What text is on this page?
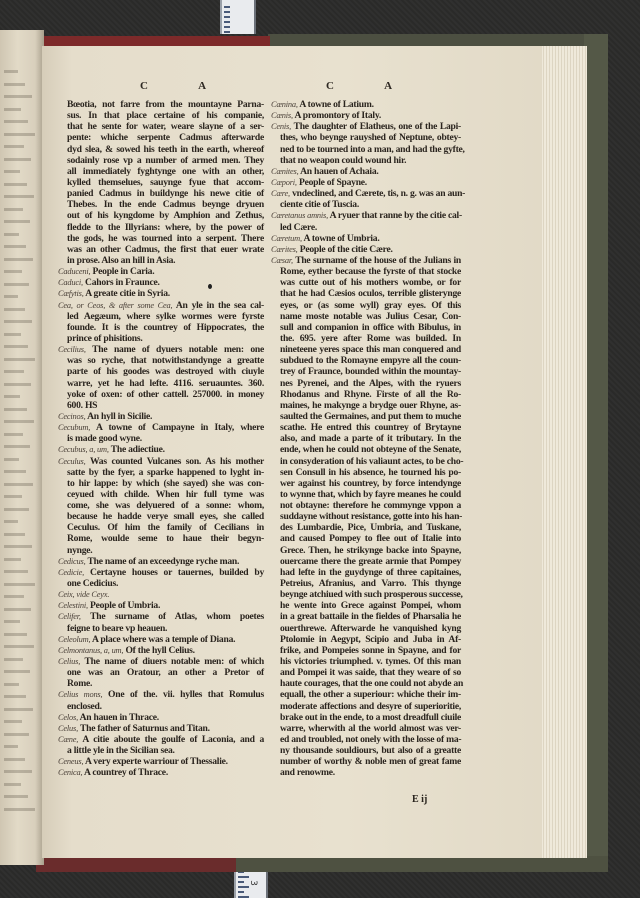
3
C A	C A
Bœotia, not farre from the mountayne Parna-
sus. In that place certaine of his companie,
that he sente for water, weare slayne of a ser-
pente: whiche serpente Cadmus afterwarde
dyd slea, & sowed his teeth in the earth, whereof
sodainly rose vp a number of armed men. They
all immediately fyghtynge one with an other,
kylled themselues, sauynge fyue that accom-
panied Cadmus in buildynge his newe citie of
Thebes. In the ende Cadmus beynge dryuen
out of his kyngdome by Amphion and Zethus,
fledde to the Illyrians: where, by the power of
the gods, he was tourned into a serpent. There
was an other Cadmus, the first that euer wrate
in prose. Also an hill in Asia.
Caduceni, People in Caria.
Caduci, Cahors in Fraunce.
Cæfytis, A greate citie in Syria.
Cea, or Ceos, & after some Cea, An yle in the sea cal-
led Aegæum, where sylke wormes were fyrste
founde. It is the countrey of Hippocrates, the
prince of phisitions.
Cecilius, The name of dyuers notable men: one
was so ryche, that notwithstandynge a greatte
parte of his goodes was destroyed with ciuyle
warre, yet he had lefte. 4116. seruauntes. 360.
yoke of oxen: of other cattell. 257000. in money
600. HS
Cecinos, An hyll in Sicilie.
Cecubum, A towne of Campayne in Italy, where
is made good wyne.
Cecubus, a, um, The adiectiue.
Ceculus, Was counted Vulcanes son. As his mother
satte by the fyer, a sparke happened to lyght in-
to hir lappe: by which (she sayed) she was con-
ceyued with childe. When hir full tyme was
come, she was delyuered of a sonne: whom,
because he hadde verye small eyes, she called
Ceculus. Of him the family of Cecilians in
Rome, woulde seme to haue their begyn-
nynge.
Cedicus, The name of an exceedynge ryche man.
Cedicie, Certayne houses or tauernes, builded by
one Cedicius.
Ceix, vide Ceyx.
Celestini, People of Umbria.
Celifer, The surname of Atlas, whom poetes
feigne to beare vp heauen.
Celeolum, A place where was a temple of Diana.
Celmontanus, a, um, Of the hyll Celius.
Celius, The name of diuers notable men: of which
one was an Oratour, an other a Pretor of
Rome.
Celius mons, One of the. vii. hylles that Romulus
enclosed.
Celos, An hauen in Thrace.
Celus, The father of Saturnus and Titan.
Cæne, A citie aboute the goulfe of Laconia, and a
a little yle in the Sicilian sea.
Ceneus, A very experte warriour of Thessalie.
Cenica, A countrey of Thrace.
Cænina, A towne of Latium.
Cænis, A promontory of Italy.
Cenis, The daughter of Elatheus, one of the Lapi-
thes, who beynge rauyshed of Neptune, obtey-
ned to be tourned into a man, and had the gyfte,
that no weapon could wound hir.
Cænites, An hauen of Achaia.
Cæpori, People of Spayne.
Cære, vndeclined, and Cærete, tis, n. g. was an aun-
ciente citie of Tuscia.
Cæretanus amnis, A ryuer that ranne by the citie cal-
led Cære.
Cæretum, A towne of Umbria.
Cærites, People of the citie Cære.
Cæsar, The surname of the house of the Julians in
Rome, eyther because the fyrste of that stocke
was cutte out of his mothers wombe, or for
that he had Cæsios oculos, terrible glisterynge
eyes, or (as some wyll) gray eyes. Of this
name moste notable was Julius Cesar, Con-
sull and companion in office with Bibulus, in
the. 695. yere after Rome was builded. In
nineteene yeres space this man conquered and
subdued to the Romayne empyre all the coun-
trey of Fraunce, bounded within the mountay-
nes Pyrenei, and the Alpes, with the ryuers
Rhodanus and Rhyne. Firste of all the Ro-
maines, he makynge a brydge ouer Rhyne, as-
saulted the Germaines, and put them to muche
scathe. He entred this countrey of Brytayne
also, and made a parte of it tributary. In the
ende, when he could not obteyne of the Senate,
in consyderation of his valiaunt actes, to be cho-
sen Consull in his absence, he tourned his po-
wer against his countrey, by force intendynge
to wynne that, which by fayre meanes he could
not obtayne: therefore he commynge vppon a
suddayne without resistance, gotte into his han-
des Lumbardie, Pice, Umbria, and Tuskane,
and caused Pompey to flee out of Italie into
Grece. Then, he strikynge backe into Spayne,
ouercame there the greate armie that Pompey
had lefte in the guydynge of three capitaines,
Petreius, Afranius, and Varro. This thynge
beynge atchiued with such prosperous successe,
he wente into Grece against Pompei, whom
in a great battaile in the fieldes of Pharsalia he
ouerthrewe. Afterwarde he vanquished kyng
Ptolomie in Aegypt, Scipio and Juba in Af-
frike, and Pompeies sonne in Spayne, and for
his victories triumphed. v. tymes. Of this man
and Pompei it was saide, that they weare of so
haute courages, that the one could not abyde an
equall, the other a superiour: whiche their im-
moderate affections and desyre of superioritie,
brake out in the ende, to a most dreadfull ciuile
warre, wherwith al the world almost was ver-
ed and troubled, not onely with the losse of ma-
ny thousande souldiours, but also of a greatte
number of worthy & noble men of great fame
and renowme.
E ij
